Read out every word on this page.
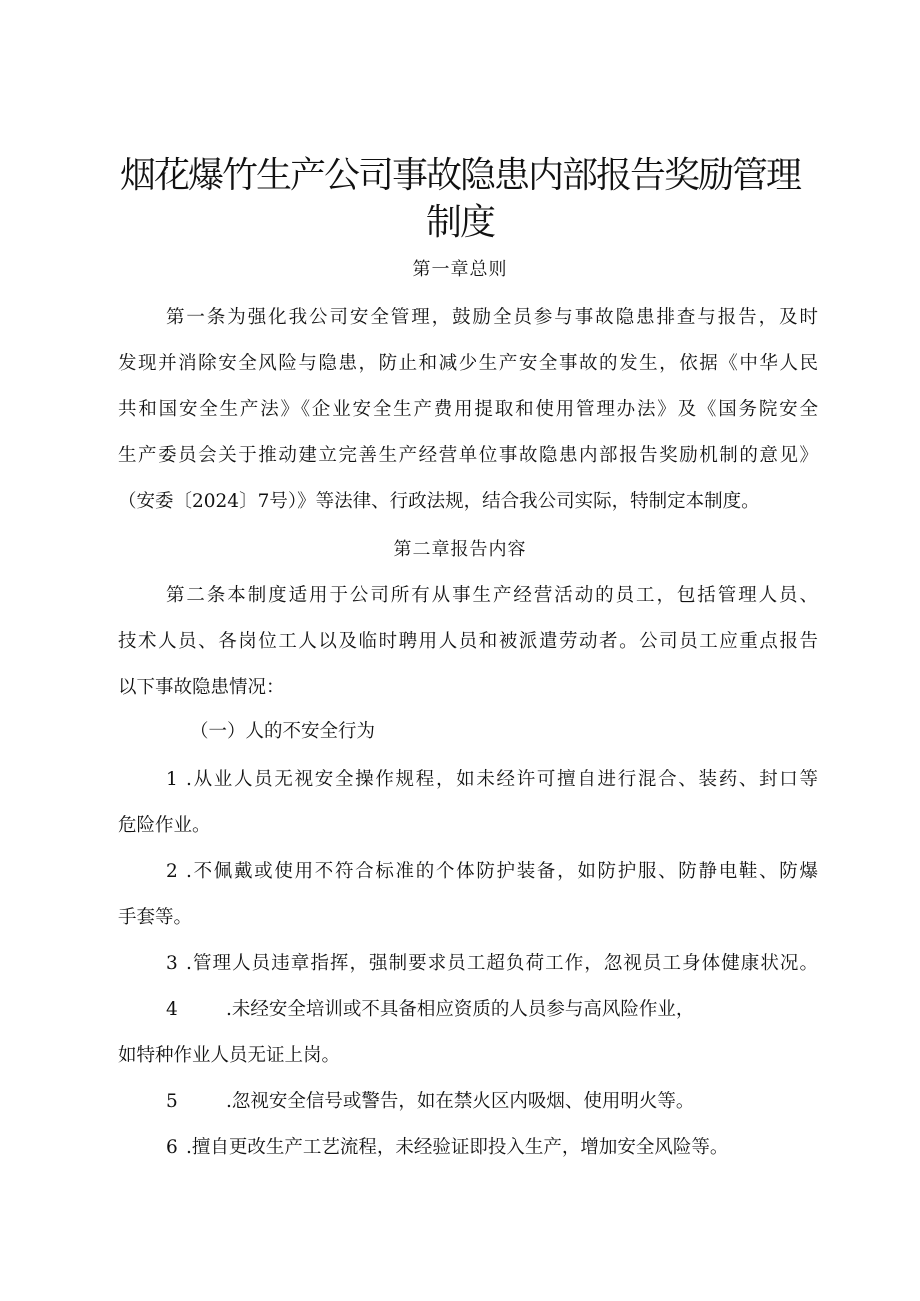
烟花爆竹生产公司事故隐患内部报告奖励管理
制度
第一章总则
第一条为强化我公司安全管理，鼓励全员参与事故隐患排查与报告，及时
发现并消除安全风险与隐患，防止和减少生产安全事故的发生，依据《中华人民
共和国安全生产法》《企业安全生产费用提取和使用管理办法》及《国务院安全
生产委员会关于推动建立完善生产经营单位事故隐患内部报告奖励机制的意见》
（安委〔2024〕7号）》等法律、行政法规，结合我公司实际，特制定本制度。
第二章报告内容
第二条本制度适用于公司所有从事生产经营活动的员工，包括管理人员、
技术人员、各岗位工人以及临时聘用人员和被派遣劳动者。公司员工应重点报告
以下事故隐患情况：
（一）人的不安全行为
1 .从业人员无视安全操作规程，如未经许可擅自进行混合、装药、封口等
危险作业。
2 .不佩戴或使用不符合标准的个体防护装备，如防护服、防静电鞋、防爆
手套等。
3 .管理人员违章指挥，强制要求员工超负荷工作，忽视员工身体健康状况。
4	.未经安全培训或不具备相应资质的人员参与高风险作业，
如特种作业人员无证上岗。
5	.忽视安全信号或警告，如在禁火区内吸烟、使用明火等。
6 .擅自更改生产工艺流程，未经验证即投入生产，增加安全风险等。
